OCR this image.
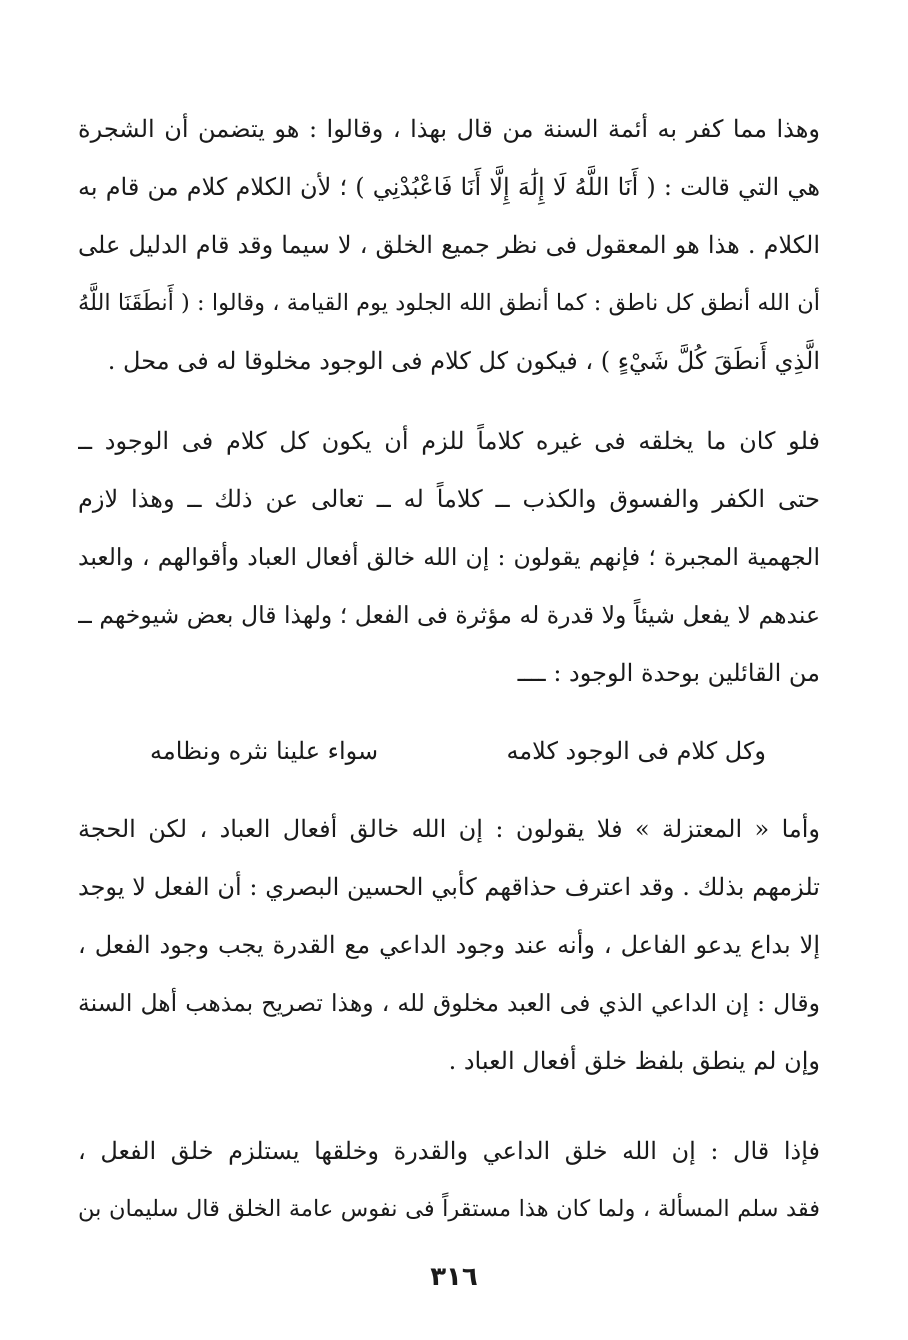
وهذا مما كفر به أئمة السنة من قال بهذا ، وقالوا : هو يتضمن أن الشجرة
هي التي قالت : ( أَنَا اللَّهُ لَا إِلَٰهَ إِلَّا أَنَا فَاعْبُدْنِي ) ؛ لأن الكلام كلام من قام به
الكلام . هذا هو المعقول فى نظر جميع الخلق ، لا سيما وقد قام الدليل على
أن الله أنطق كل ناطق : كما أنطق الله الجلود يوم القيامة ، وقالوا : ( أَنطَقَنَا اللَّهُ
الَّذِي أَنطَقَ كُلَّ شَيْءٍ ) ، فيكون كل كلام فى الوجود مخلوقا له فى محل .
فلو كان ما يخلقه فى غيره كلاماً للزم أن يكون كل كلام فى الوجود ــ
حتى الكفر والفسوق والكذب ــ كلاماً له ــ تعالى عن ذلك ــ وهذا لازم
الجهمية المجبرة ؛ فإنهم يقولون : إن الله خالق أفعال العباد وأقوالهم ، والعبد
عندهم لا يفعل شيئاً ولا قدرة له مؤثرة فى الفعل ؛ ولهذا قال بعض شيوخهم ــ
من القائلين بوحدة الوجود : ــــ
وكل كلام فى الوجود كلامه
سواء علينا نثره ونظامه
وأما « المعتزلة » فلا يقولون : إن الله خالق أفعال العباد ، لكن الحجة
تلزمهم بذلك . وقد اعترف حذاقهم كأبي الحسين البصري : أن الفعل لا يوجد
إلا بداع يدعو الفاعل ، وأنه عند وجود الداعي مع القدرة يجب وجود الفعل ،
وقال : إن الداعي الذي فى العبد مخلوق لله ، وهذا تصريح بمذهب أهل السنة
وإن لم ينطق بلفظ خلق أفعال العباد .
فإذا قال : إن الله خلق الداعي والقدرة وخلقها يستلزم خلق الفعل ،
فقد سلم المسألة ، ولما كان هذا مستقراً فى نفوس عامة الخلق قال سليمان بن
٣١٦
